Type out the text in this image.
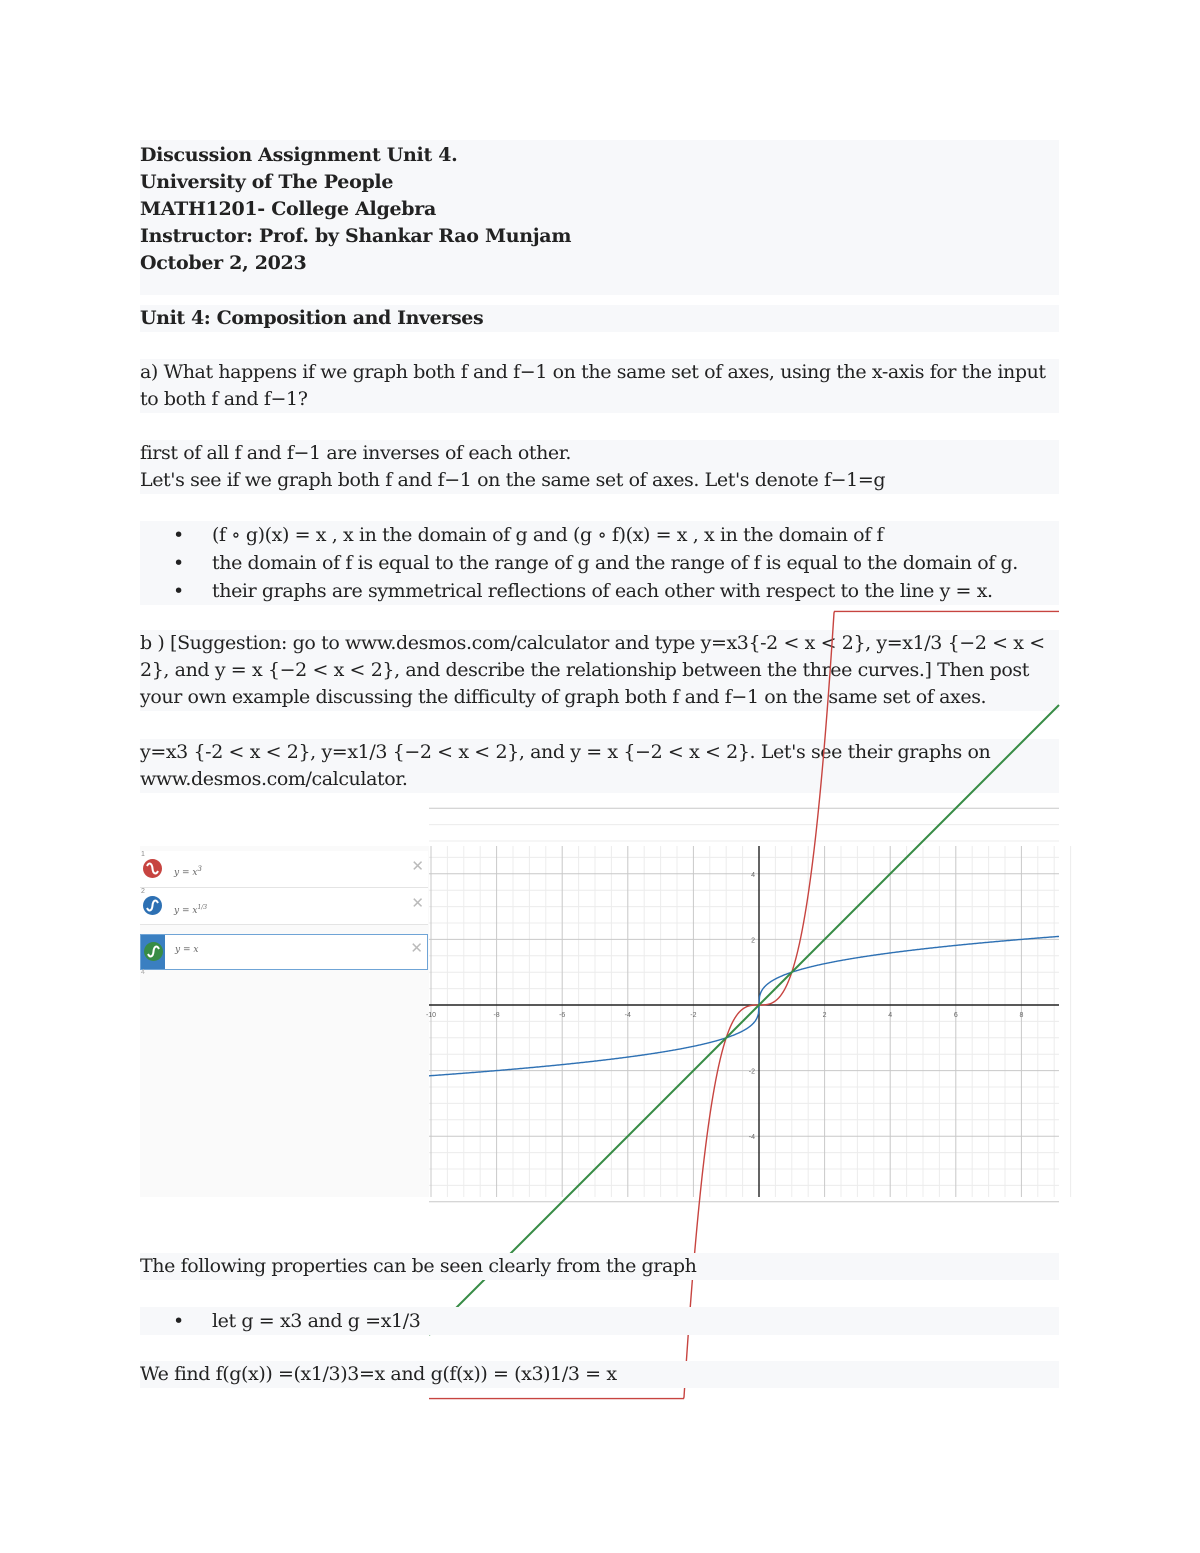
Discussion Assignment Unit 4.
University of The People
MATH1201- College Algebra
Instructor: Prof. by Shankar Rao Munjam
October 2, 2023
Unit 4: Composition and Inverses
a) What happens if we graph both f and f−1 on the same set of axes, using the x-axis for the input to both f and f−1?
first of all f and f−1 are inverses of each other.
Let's see if we graph both f and f−1 on the same set of axes. Let's denote f−1=g
• (f ∘ g)(x) = x , x in the domain of g and (g ∘ f)(x) = x , x in the domain of f
• the domain of f is equal to the range of g and the range of f is equal to the domain of g.
• their graphs are symmetrical reflections of each other with respect to the line y = x.
b ) [Suggestion: go to www.desmos.com/calculator and type y=x3{-2 < x < 2}, y=x1/3 {−2 < x < 2}, and y = x {−2 < x < 2}, and describe the relationship between the three curves.] Then post your own example discussing the difficulty of graph both f and f−1 on the same set of axes.
y=x3 {-2 < x < 2}, y=x1/3 {−2 < x < 2}, and y = x {−2 < x < 2}. Let's see their graphs on www.desmos.com/calculator.
1
$y = x^3$	✕
2
$y = x^{1/3}$	✕
y = x	✕
4
-10	-8	-6	-4	-2	2	4	6	8
4
2
-2
-4
The following properties can be seen clearly from the graph
• let g = x3 and g =x1/3
We find f(g(x)) =(x1/3)3=x and g(f(x)) = (x3)1/3 = x
